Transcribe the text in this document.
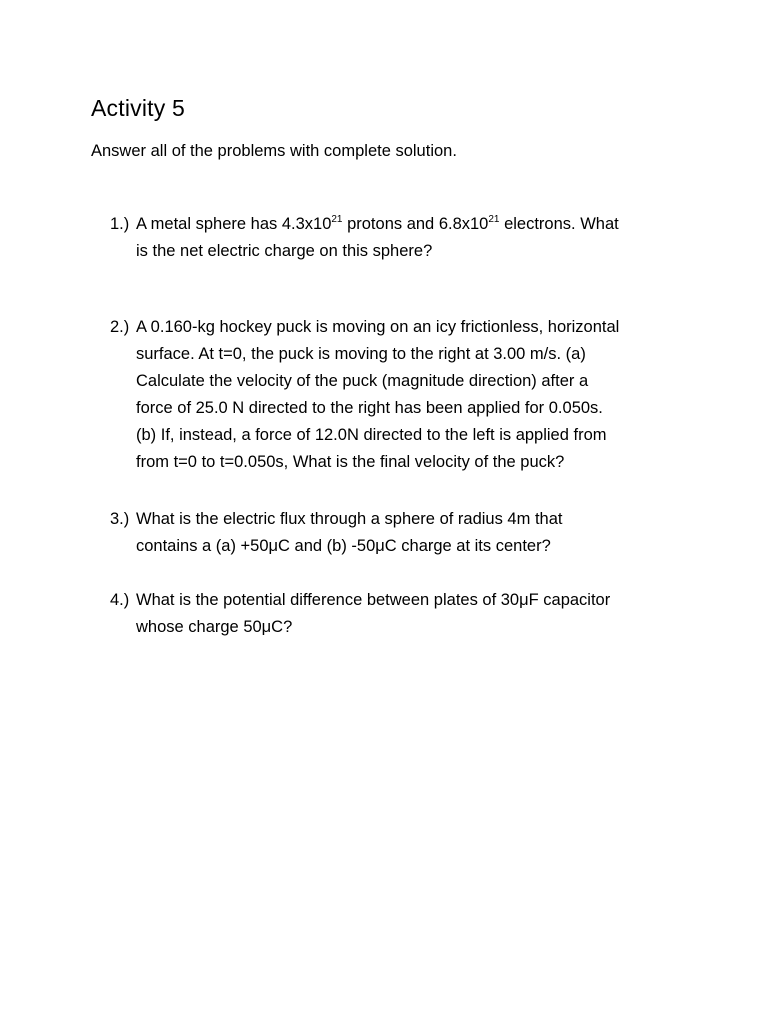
Activity 5

Answer all of the problems with complete solution.

1.) A metal sphere has $4.3x10^{21}$ protons and $6.8x10^{21}$ electrons. What
is the net electric charge on this sphere?
2.) A 0.160-kg hockey puck is moving on an icy frictionless, horizontal
surface. At t=0, the puck is moving to the right at 3.00 m/s. (a)
Calculate the velocity of the puck (magnitude direction) after a
force of 25.0 N directed to the right has been applied for 0.050s.
(b) If, instead, a force of 12.0N directed to the left is applied from
from t=0 to t=0.050s, What is the final velocity of the puck?
3.) What is the electric flux through a sphere of radius 4m that
contains a (a) +50μC and (b) -50μC charge at its center?
4.) What is the potential difference between plates of 30μF capacitor
whose charge 50μC?
